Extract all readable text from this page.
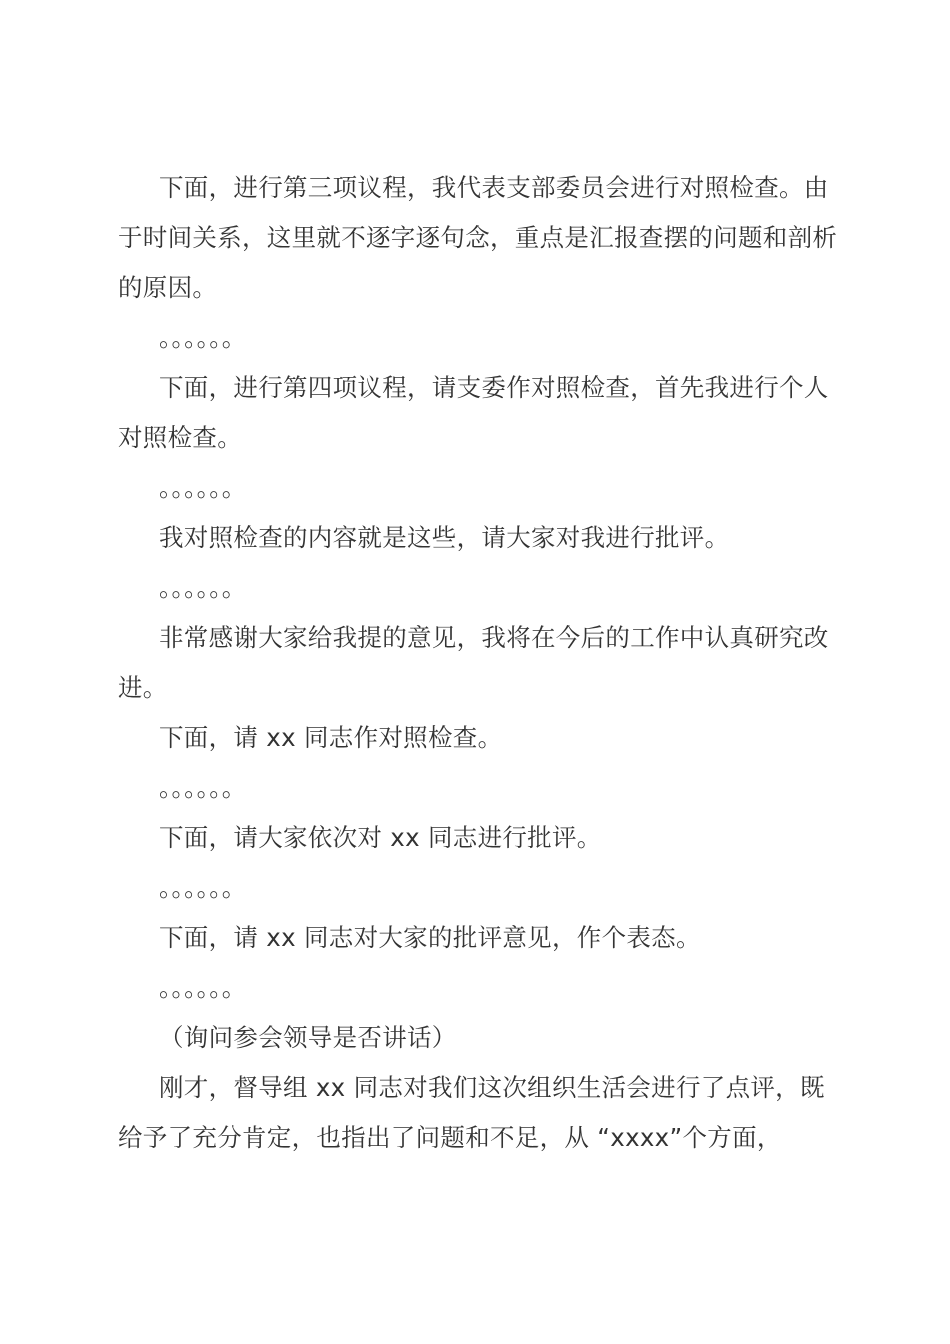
下面，进行第三项议程，我代表支部委员会进行对照检查。由于时间关系，这里就不逐字逐句念，重点是汇报查摆的问题和剖析的原因。

。。。。。。

下面，进行第四项议程，请支委作对照检查，首先我进行个人对照检查。

。。。。。。

我对照检查的内容就是这些，请大家对我进行批评。

。。。。。。

非常感谢大家给我提的意见，我将在今后的工作中认真研究改进。

下面，请 xx 同志作对照检查。

。。。。。。

下面，请大家依次对 xx 同志进行批评。

。。。。。。

下面，请 xx 同志对大家的批评意见，作个表态。

。。。。。。

（询问参会领导是否讲话）

刚才，督导组 xx 同志对我们这次组织生活会进行了点评，既给予了充分肯定，也指出了问题和不足，从 “xxxx”个方面，
